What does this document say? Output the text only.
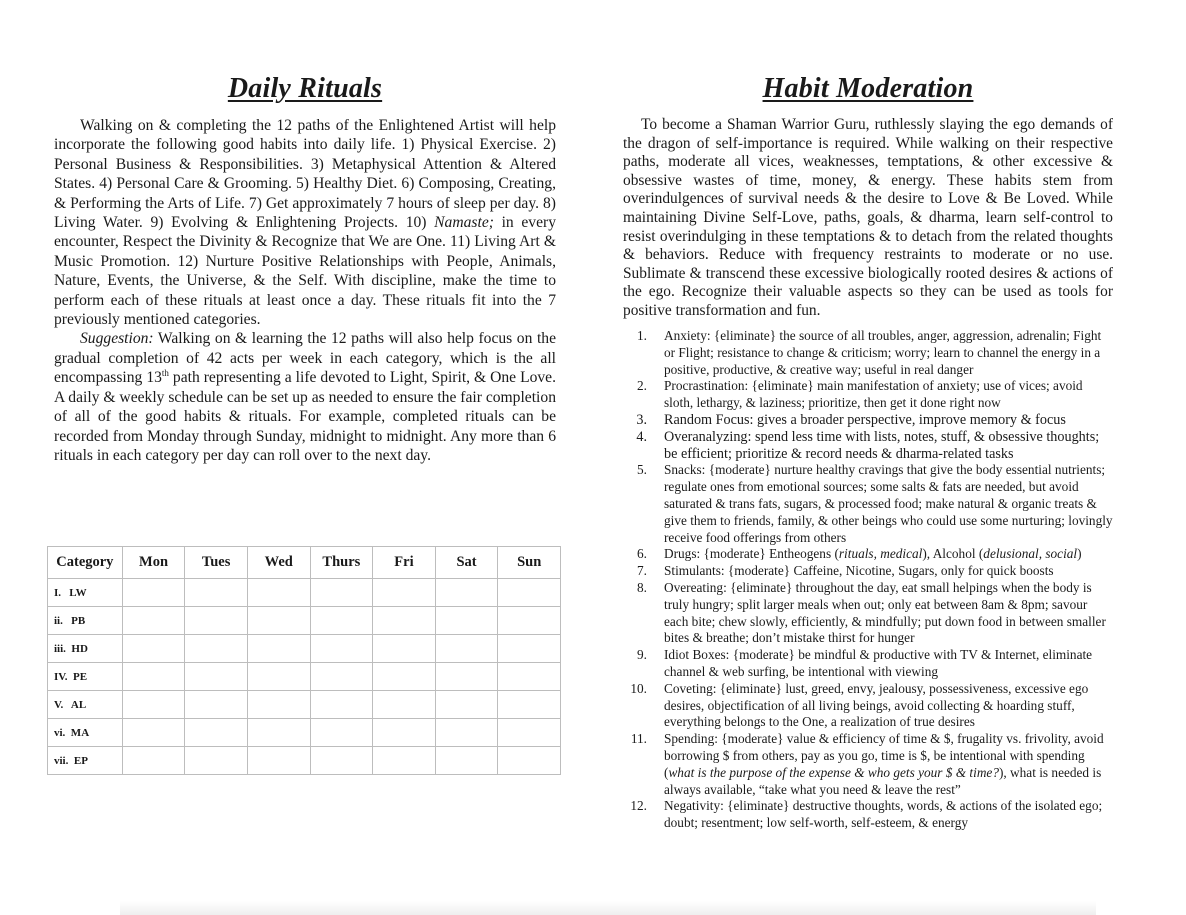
Daily Rituals

Walking on & completing the 12 paths of the Enlightened Artist will help incorporate the following good habits into daily life. 1) Physical Exercise. 2) Personal Business & Responsibilities. 3) Metaphysical Attention & Altered States. 4) Personal Care & Grooming. 5) Healthy Diet. 6) Composing, Creating, & Performing the Arts of Life. 7) Get approximately 7 hours of sleep per day. 8) Living Water. 9) Evolving & Enlightening Projects. 10) Namaste; in every encounter, Respect the Divinity & Recognize that We are One. 11) Living Art & Music Promotion. 12) Nurture Positive Relationships with People, Animals, Nature, Events, the Universe, & the Self. With discipline, make the time to perform each of these rituals at least once a day. These rituals fit into the 7 previously mentioned categories.

Suggestion: Walking on & learning the 12 paths will also help focus on the gradual completion of 42 acts per week in each category, which is the all encompassing 13th path representing a life devoted to Light, Spirit, & One Love. A daily & weekly schedule can be set up as needed to ensure the fair completion of all of the good habits & rituals. For example, completed rituals can be recorded from Monday through Sunday, midnight to midnight. Any more than 6 rituals in each category per day can roll over to the next day.

Category	Mon	Tues	Wed	Thurs	Fri	Sat	Sun
I.   LW							
ii.   PB							
iii.  HD							
IV.  PE							
V.   AL							
vi.  MA							
vii.  EP							
Habit Moderation

To become a Shaman Warrior Guru, ruthlessly slaying the ego demands of the dragon of self-importance is required. While walking on their respective paths, moderate all vices, weaknesses, temptations, & other excessive & obsessive wastes of time, money, & energy. These habits stem from overindulgences of survival needs & the desire to Love & Be Loved. While maintaining Divine Self-Love, paths, goals, & dharma, learn self-control to resist overindulging in these temptations & to detach from the related thoughts & behaviors. Reduce with frequency restraints to moderate or no use. Sublimate & transcend these excessive biologically rooted desires & actions of the ego. Recognize their valuable aspects so they can be used as tools for positive transformation and fun.

1. Anxiety: {eliminate} the source of all troubles, anger, aggression, adrenalin; Fight or Flight; resistance to change & criticism; worry; learn to channel the energy in a positive, productive, & creative way; useful in real danger
2. Procrastination: {eliminate} main manifestation of anxiety; use of vices; avoid sloth, lethargy, & laziness; prioritize, then get it done right now
3. Random Focus: gives a broader perspective, improve memory & focus
4. Overanalyzing: spend less time with lists, notes, stuff, & obsessive thoughts; be efficient; prioritize & record needs & dharma-related tasks
5. Snacks: {moderate} nurture healthy cravings that give the body essential nutrients; regulate ones from emotional sources; some salts & fats are needed, but avoid saturated & trans fats, sugars, & processed food; make natural & organic treats & give them to friends, family, & other beings who could use some nurturing; lovingly receive food offerings from others
6. Drugs: {moderate} Entheogens (rituals, medical), Alcohol (delusional, social)
7. Stimulants: {moderate} Caffeine, Nicotine, Sugars, only for quick boosts
8. Overeating: {eliminate} throughout the day, eat small helpings when the body is truly hungry; split larger meals when out; only eat between 8am & 8pm; savour each bite; chew slowly, efficiently, & mindfully; put down food in between smaller bites & breathe; don’t mistake thirst for hunger
9. Idiot Boxes: {moderate} be mindful & productive with TV & Internet, eliminate channel & web surfing, be intentional with viewing
10. Coveting: {eliminate} lust, greed, envy, jealousy, possessiveness, excessive ego desires, objectification of all living beings, avoid collecting & hoarding stuff, everything belongs to the One, a realization of true desires
11. Spending: {moderate} value & efficiency of time & $, frugality vs. frivolity, avoid borrowing $ from others, pay as you go, time is $, be intentional with spending (what is the purpose of the expense & who gets your $ & time?), what is needed is always available, “take what you need & leave the rest”
12. Negativity: {eliminate} destructive thoughts, words, & actions of the isolated ego; doubt; resentment; low self-worth, self-esteem, & energy
